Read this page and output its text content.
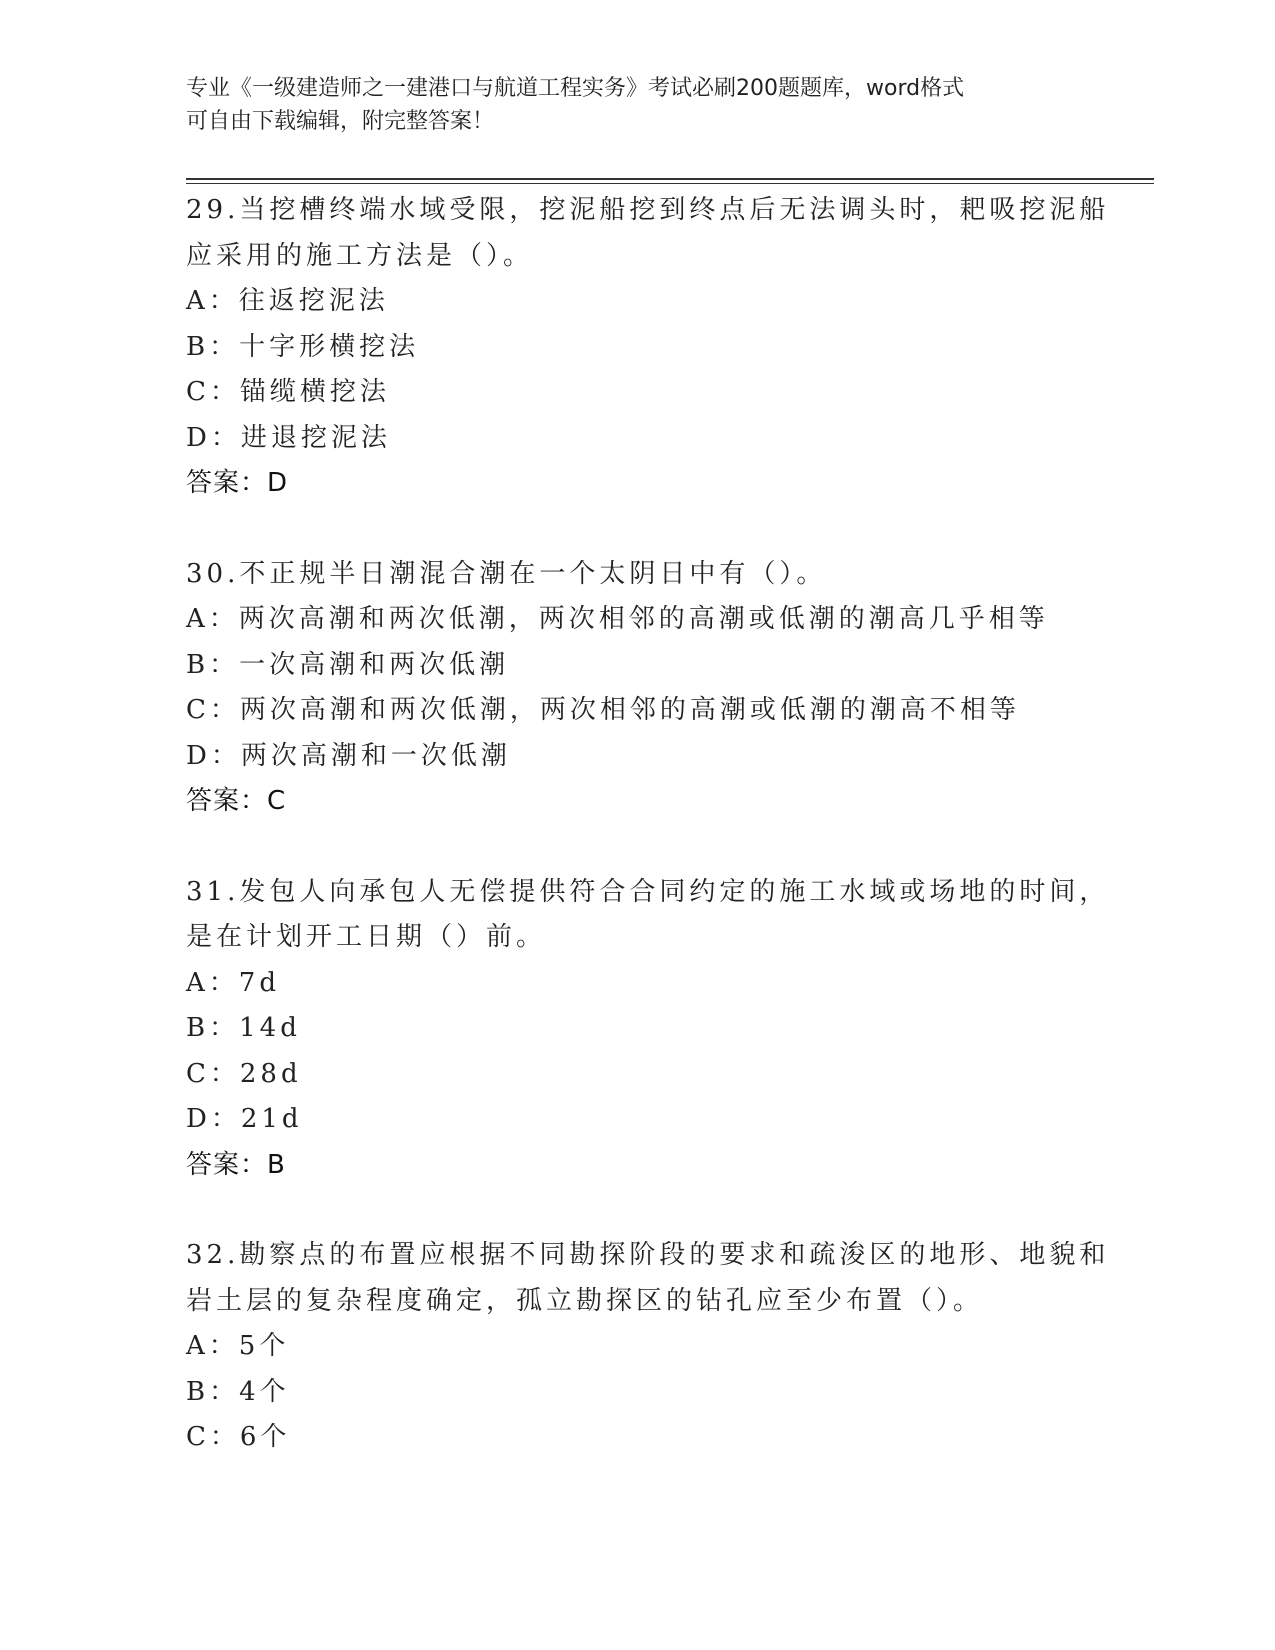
专业《一级建造师之一建港口与航道工程实务》考试必刷200题题库，word格式
可自由下载编辑，附完整答案！
29.当挖槽终端水域受限，挖泥船挖到终点后无法调头时，耙吸挖泥船
应采用的施工方法是（）。
A：往返挖泥法
B：十字形横挖法
C：锚缆横挖法
D：进退挖泥法
答案：D
30.不正规半日潮混合潮在一个太阴日中有（）。
A：两次高潮和两次低潮，两次相邻的高潮或低潮的潮高几乎相等
B：一次高潮和两次低潮
C：两次高潮和两次低潮，两次相邻的高潮或低潮的潮高不相等
D：两次高潮和一次低潮
答案：C
31.发包人向承包人无偿提供符合合同约定的施工水域或场地的时间，
是在计划开工日期（）前。
A：7d
B：14d
C：28d
D：21d
答案：B
32.勘察点的布置应根据不同勘探阶段的要求和疏浚区的地形、地貌和
岩土层的复杂程度确定，孤立勘探区的钻孔应至少布置（）。
A：5个
B：4个
C：6个
